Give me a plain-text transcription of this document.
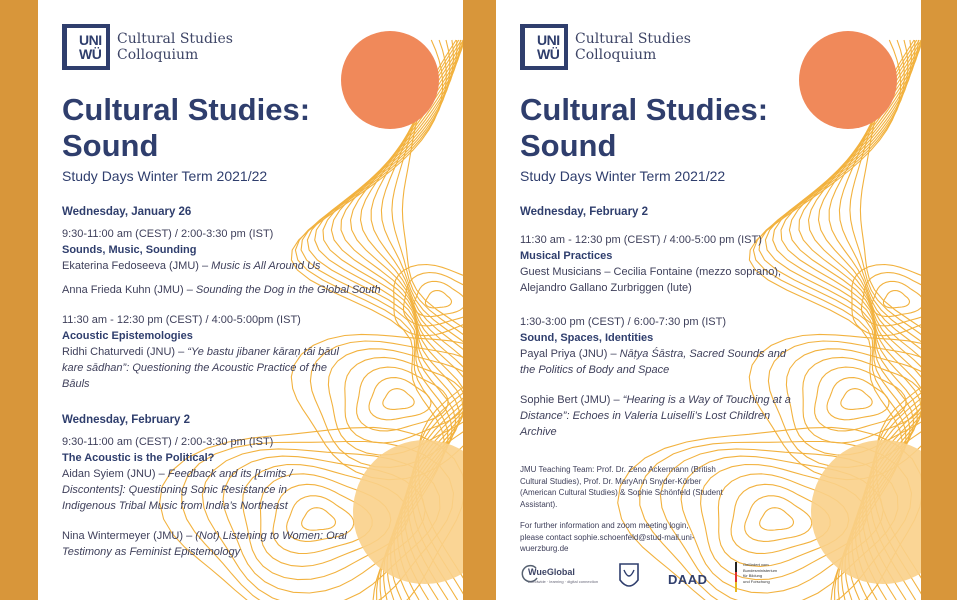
UNI
WÜ
Cultural Studies
Colloquium
Cultural Studies:
Sound
Study Days Winter Term 2021/22
Wednesday, January 26
9:30-11:00 am (CEST) / 2:00-3:30 pm (IST)
Sounds, Music, Sounding
Ekaterina Fedoseeva (JMU) – Music is All Around Us
Anna Frieda Kuhn (JMU) – Sounding the Dog in the Global South
11:30 am - 12:30 pm (CEST) / 4:00-5:00pm (IST)
Acoustic Epistemologies
Ridhi Chaturvedi (JNU) – “Ye bastu jibaner kāraṇ tāi bāul kare sādhan”: Questioning the Acoustic Practice of the Bāuls
Wednesday, February 2
9:30-11:00 am (CEST) / 2:00-3:30 pm (IST)
The Acoustic is the Political?
Aidan Syiem (JNU) – Feedback and its [Limits / Discontents]: Questioning Sonic Resistance in Indigenous Tribal Music from India’s Northeast
Nina Wintermeyer (JMU) – (Not) Listening to Women: Oral Testimony as Feminist Epistemology
UNI
WÜ
Cultural Studies
Colloquium
Cultural Studies:
Sound
Study Days Winter Term 2021/22
Wednesday, February 2
11:30 am - 12:30 pm (CEST) / 4:00-5:00 pm (IST)
Musical Practices
Guest Musicians – Cecilia Fontaine (mezzo soprano),
Alejandro Gallano Zurbriggen (lute)
1:30-3:00 pm (CEST) / 6:00-7:30 pm (IST)
Sound, Spaces, Identities
Payal Priya (JNU) – Nāṭya Śāstra, Sacred Sounds and the Politics of Body and Space
Sophie Bert (JMU) – “Hearing is a Way of Touching at a Distance”: Echoes in Valeria Luiselli’s Lost Children Archive
JMU Teaching Team: Prof. Dr. Zeno Ackermann (British Cultural Studies), Prof. Dr. MaryAnn Snyder-Körber (American Cultural Studies) & Sophie Schönfeld (Student Assistant).
For further information and zoom meeting login, please contact sophie.schoenfeld@stud-mail.uni-wuerzburg.de
WueGlobal
worldwide · learning · digital connection	DAAD
Gefördert vom
Bundesministerium
für Bildung
und Forschung
